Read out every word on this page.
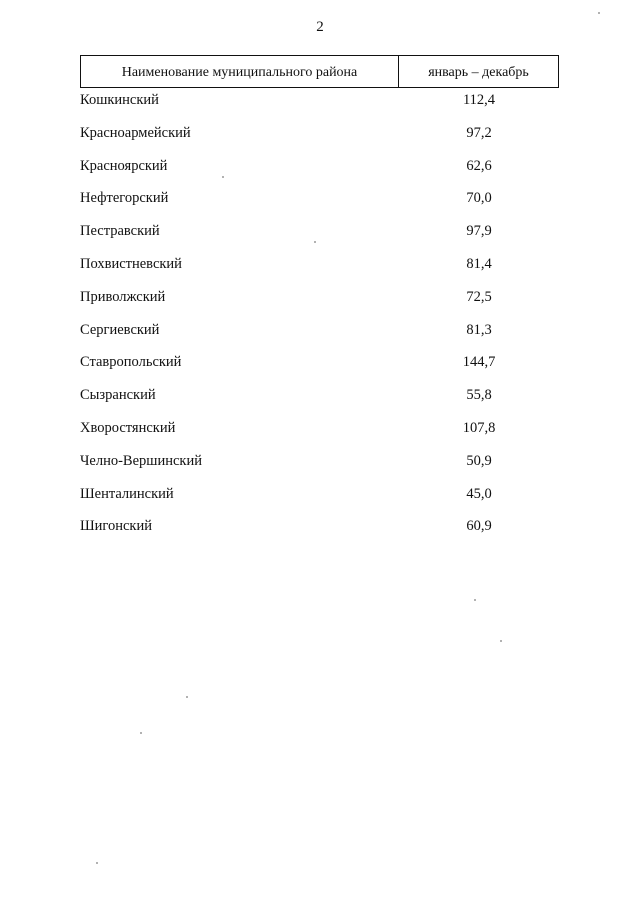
2
Наименование муниципального района	январь – декабрь
Кошкинский	112,4
Красноармейский	97,2
Красноярский	62,6
Нефтегорский	70,0
Пестравский	97,9
Похвистневский	81,4
Приволжский	72,5
Сергиевский	81,3
Ставропольский	144,7
Сызранский	55,8
Хворостянский	107,8
Челно-Вершинский	50,9
Шенталинский	45,0
Шигонский	60,9
